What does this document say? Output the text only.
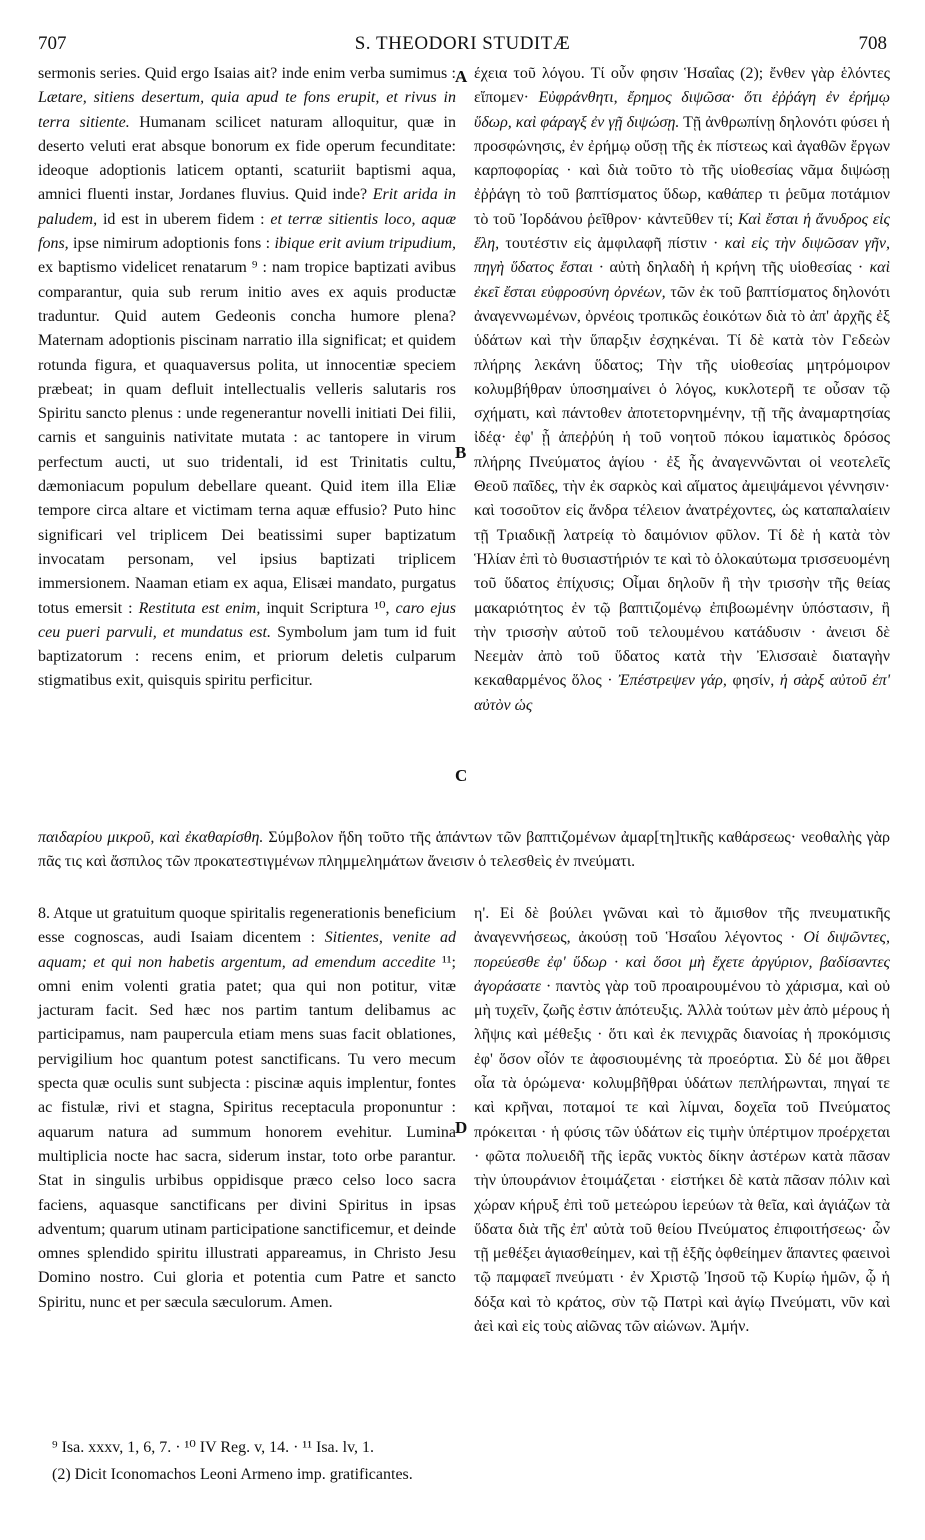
707	S. THEODORI STUDITÆ	708
A
B
C
D
sermonis series. Quid ergo Isaias ait? inde enim verba sumimus : Lætare, sitiens desertum, quia apud te fons erupit, et rivus in terra sitiente. Humanam scilicet naturam alloquitur, quæ in deserto veluti erat absque bonorum ex fide operum fecunditate: ideoque adoptionis laticem optanti, scaturiit baptismi aqua, amnici fluenti instar, Jordanes fluvius. Quid inde? Erit arida in paludem, id est in uberem fidem : et terræ sitientis loco, aquæ fons, ipse nimirum adoptionis fons : ibique erit avium tripudium, ex baptismo videlicet renatarum ⁹ : nam tropice baptizati avibus comparantur, quia sub rerum initio aves ex aquis productæ traduntur. Quid autem Gedeonis concha humore plena? Maternam adoptionis piscinam narratio illa significat; et quidem rotunda figura, et quaquaversus polita, ut innocentiæ speciem præbeat; in quam defluit intellectualis velleris salutaris ros Spiritu sancto plenus : unde regenerantur novelli initiati Dei filii, carnis et sanguinis nativitate mutata : ac tantopere in virum perfectum aucti, ut suo tridentali, id est Trinitatis cultu, dæmoniacum populum debellare queant. Quid item illa Eliæ tempore circa altare et victimam terna aquæ effusio? Puto hinc significari vel triplicem Dei beatissimi super baptizatum invocatam personam, vel ipsius baptizati triplicem immersionem. Naaman etiam ex aqua, Elisæi mandato, purgatus totus emersit : Restituta est enim, inquit Scriptura ¹⁰, caro ejus ceu pueri parvuli, et mundatus est. Symbolum jam tum id fuit baptizatorum : recens enim, et priorum deletis culparum stigmatibus exit, quisquis spiritu perficitur.
έχεια τοῦ λόγου. Τί οὖν φησιν Ἡσαΐας (2); ἔνθεν γὰρ ἑλόντες εἴπομεν· Εὐφράνθητι, ἔρημος διψῶσα· ὅτι ἐῤῥάγη ἐν ἐρήμῳ ὕδωρ, καὶ φάραγξ ἐν γῇ διψώσῃ. Τῇ ἀνθρωπίνῃ δηλονότι φύσει ἡ προσφώνησις, ἐν ἐρήμῳ οὔσῃ τῆς ἐκ πίστεως καὶ ἀγαθῶν ἔργων καρποφορίας · καὶ διὰ τοῦτο τὸ τῆς υἱοθεσίας νᾶμα διψώσῃ ἐῤῥάγη τὸ τοῦ βαπτίσματος ὕδωρ, καθάπερ τι ῥεῦμα ποτάμιον τὸ τοῦ Ἰορδάνου ῥεῖθρον· κἀντεῦθεν τί; Καὶ ἔσται ἡ ἄνυδρος εἰς ἕλη, τουτέστιν εἰς ἀμφιλαφῆ πίστιν · καὶ εἰς τὴν διψῶσαν γῆν, πηγὴ ὕδατος ἔσται · αὐτὴ δηλαδὴ ἡ κρήνη τῆς υἱοθεσίας · καὶ ἐκεῖ ἔσται εὐφροσύνη ὀρνέων, τῶν ἐκ τοῦ βαπτίσματος δηλονότι ἀναγεννωμένων, ὀρνέοις τροπικῶς ἐοικότων διὰ τὸ ἀπ' ἀρχῆς ἐξ ὑδάτων καὶ τὴν ὕπαρξιν ἐσχηκέναι. Τί δὲ κατὰ τὸν Γεδεὼν πλήρης λεκάνη ὕδατος; Τὴν τῆς υἱοθεσίας μητρόμοιρον κολυμβήθραν ὑποσημαίνει ὁ λόγος, κυκλοτερῆ τε οὖσαν τῷ σχήματι, καὶ πάντοθεν ἀποτετορνημένην, τῇ τῆς ἀναμαρτησίας ἰδέᾳ· ἐφ' ᾗ ἀπεῤῥύη ἡ τοῦ νοητοῦ πόκου ἰαματικὸς δρόσος πλήρης Πνεύματος ἁγίου · ἐξ ἧς ἀναγεννῶνται οἱ νεοτελεῖς Θεοῦ παῖδες, τὴν ἐκ σαρκὸς καὶ αἵματος ἀμειψάμενοι γέννησιν· καὶ τοσοῦτον εἰς ἄνδρα τέλειον ἀνατρέχοντες, ὡς καταπαλαίειν τῇ Τριαδικῇ λατρείᾳ τὸ δαιμόνιον φῦλον. Τί δὲ ἡ κατὰ τὸν Ἡλίαν ἐπὶ τὸ θυσιαστήριόν τε καὶ τὸ ὁλοκαύτωμα τρισσευομένη τοῦ ὕδατος ἐπίχυσις; Οἶμαι δηλοῦν ἢ τὴν τρισσὴν τῆς θείας μακαριότητος ἐν τῷ βαπτιζομένῳ ἐπιβοωμένην ὑπόστασιν, ἢ τὴν τρισσὴν αὐτοῦ τοῦ τελουμένου κατάδυσιν · ἀνεισι δὲ Νεεμὰν ἀπὸ τοῦ ὕδατος κατὰ τὴν Ἐλισσαιὲ διαταγὴν κεκαθαρμένος ὅλος · Ἐπέστρεψεν γάρ, φησίν, ἡ σὰρξ αὐτοῦ ἐπ' αὐτὸν ὡς
παιδαρίου μικροῦ, καὶ ἐκαθαρίσθη. Σύμβολον ἤδη τοῦτο τῆς ἁπάντων τῶν βαπτιζομένων ἀμαρ[τη]τικῆς καθάρσεως· νεοθαλὴς γὰρ πᾶς τις καὶ ἄσπιλος τῶν προκατεστιγμένων πλημμελημάτων ἄνεισιν ὁ τελεσθεὶς ἐν πνεύματι.
8. Atque ut gratuitum quoque spiritalis regenerationis beneficium esse cognoscas, audi Isaiam dicentem : Sitientes, venite ad aquam; et qui non habetis argentum, ad emendum accedite ¹¹; omni enim volenti gratia patet; qua qui non potitur, vitæ jacturam facit. Sed hæc nos partim tantum delibamus ac participamus, nam paupercula etiam mens suas facit oblationes, pervigilium hoc quantum potest sanctificans. Tu vero mecum specta quæ oculis sunt subjecta : piscinæ aquis implentur, fontes ac fistulæ, rivi et stagna, Spiritus receptacula proponuntur : aquarum natura ad summum honorem evehitur. Lumina multiplicia nocte hac sacra, siderum instar, toto orbe parantur. Stat in singulis urbibus oppidisque præco celso loco sacra faciens, aquasque sanctificans per divini Spiritus in ipsas adventum; quarum utinam participatione sanctificemur, et deinde omnes splendido spiritu illustrati appareamus, in Christo Jesu Domino nostro. Cui gloria et potentia cum Patre et sancto Spiritu, nunc et per sæcula sæculorum. Amen.
η'. Εἰ δὲ βούλει γνῶναι καὶ τὸ ἄμισθον τῆς πνευματικῆς ἀναγεννήσεως, ἀκούσῃ τοῦ Ἡσαΐου λέγοντος · Οἱ διψῶντες, πορεύεσθε ἐφ' ὕδωρ · καὶ ὅσοι μὴ ἔχετε ἀργύριον, βαδίσαντες ἀγοράσατε · παντὸς γὰρ τοῦ προαιρουμένου τὸ χάρισμα, καὶ οὐ μὴ τυχεῖν, ζωῆς ἐστιν ἀπότευξις. Ἀλλὰ τούτων μὲν ἀπὸ μέρους ἡ λῆψις καὶ μέθεξις · ὅτι καὶ ἐκ πενιχρᾶς διανοίας ἡ προκόμισις ἐφ' ὅσον οἷόν τε ἀφοσιουμένης τὰ προεόρτια. Σὺ δέ μοι ἄθρει οἷα τὰ ὁρώμενα· κολυμβῆθραι ὑδάτων πεπλήρωνται, πηγαί τε καὶ κρῆναι, ποταμοί τε καὶ λίμναι, δοχεῖα τοῦ Πνεύματος πρόκειται · ἡ φύσις τῶν ὑδάτων εἰς τιμὴν ὑπέρτιμον προέρχεται · φῶτα πολυειδῆ τῆς ἱερᾶς νυκτὸς δίκην ἀστέρων κατὰ πᾶσαν τὴν ὑπουράνιον ἑτοιμάζεται · εἱστήκει δὲ κατὰ πᾶσαν πόλιν καὶ χώραν κήρυξ ἐπὶ τοῦ μετεώρου ἱερεύων τὰ θεῖα, καὶ ἁγιάζων τὰ ὕδατα διὰ τῆς ἐπ' αὐτὰ τοῦ θείου Πνεύματος ἐπιφοιτήσεως· ὧν τῇ μεθέξει ἁγιασθείημεν, καὶ τῇ ἑξῆς ὀφθείημεν ἅπαντες φαεινοὶ τῷ παμφαεῖ πνεύματι · ἐν Χριστῷ Ἰησοῦ τῷ Κυρίῳ ἡμῶν, ᾧ ἡ δόξα καὶ τὸ κράτος, σὺν τῷ Πατρὶ καὶ ἁγίῳ Πνεύματι, νῦν καὶ ἀεὶ καὶ εἰς τοὺς αἰῶνας τῶν αἰώνων. Ἀμήν.
⁹ Isa. xxxv, 1, 6, 7. · ¹⁰ IV Reg. v, 14. · ¹¹ Isa. lv, 1.
(2) Dicit Iconomachos Leoni Armeno imp. gratificantes.
